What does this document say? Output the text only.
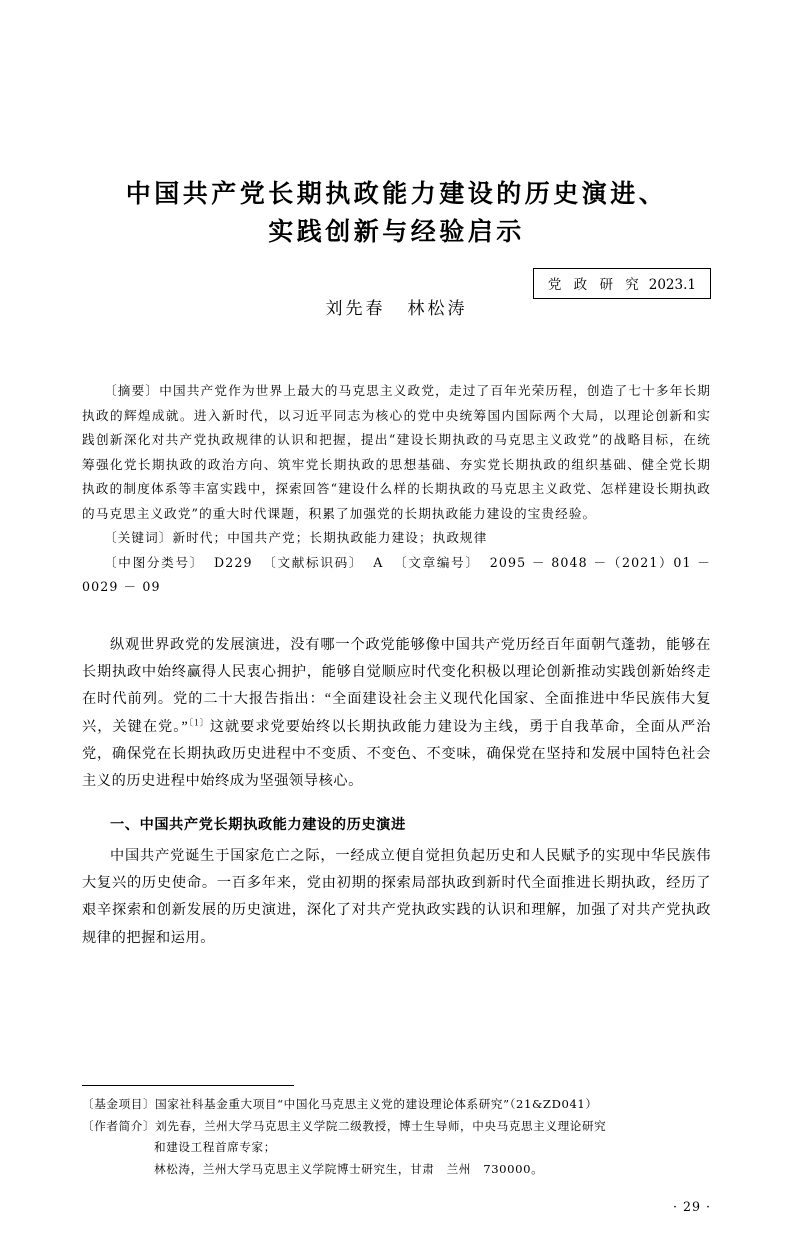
党 政 研 究 2023.1
中国共产党长期执政能力建设的历史演进、
实践创新与经验启示
刘先春 林松涛

〔摘要〕中国共产党作为世界上最大的马克思主义政党，走过了百年光荣历程，创造了七十多年长期执政的辉煌成就。进入新时代，以习近平同志为核心的党中央统筹国内国际两个大局，以理论创新和实践创新深化对共产党执政规律的认识和把握，提出“建设长期执政的马克思主义政党”的战略目标，在统筹强化党长期执政的政治方向、筑牢党长期执政的思想基础、夯实党长期执政的组织基础、健全党长期执政的制度体系等丰富实践中，探索回答“建设什么样的长期执政的马克思主义政党、怎样建设长期执政的马克思主义政党”的重大时代课题，积累了加强党的长期执政能力建设的宝贵经验。

〔关键词〕新时代；中国共产党；长期执政能力建设；执政规律

〔中图分类号〕 D229 〔文献标识码〕 A 〔文章编号〕 2095 － 8048 －（2021）01 － 0029 － 09

纵观世界政党的发展演进，没有哪一个政党能够像中国共产党历经百年面朝气蓬勃，能够在长期执政中始终赢得人民衷心拥护，能够自觉顺应时代变化积极以理论创新推动实践创新始终走在时代前列。党的二十大报告指出：“全面建设社会主义现代化国家、全面推进中华民族伟大复兴，关键在党。”$^{〔1〕}$这就要求党要始终以长期执政能力建设为主线，勇于自我革命，全面从严治党，确保党在长期执政历史进程中不变质、不变色、不变味，确保党在坚持和发展中国特色社会主义的历史进程中始终成为坚强领导核心。

一、中国共产党长期执政能力建设的历史演进

中国共产党诞生于国家危亡之际，一经成立便自觉担负起历史和人民赋予的实现中华民族伟大复兴的历史使命。一百多年来，党由初期的探索局部执政到新时代全面推进长期执政，经历了艰辛探索和创新发展的历史演进，深化了对共产党执政实践的认识和理解，加强了对共产党执政规律的把握和运用。

〔基金项目〕国家社科基金重大项目“中国化马克思主义党的建设理论体系研究”（21&ZD041）
〔作者简介〕刘先春，兰州大学马克思主义学院二级教授，博士生导师，中央马克思主义理论研究
和建设工程首席专家；
林松涛，兰州大学马克思主义学院博士研究生，甘肃　兰州　730000。
· 29 ·
